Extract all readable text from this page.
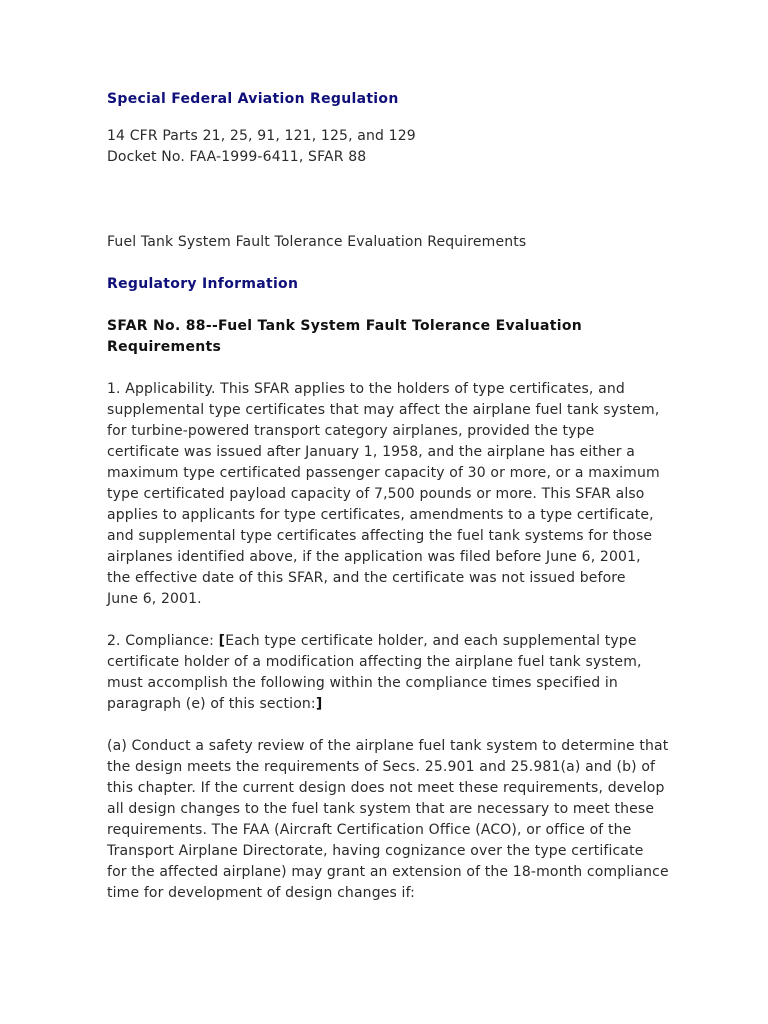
Special Federal Aviation Regulation

14 CFR Parts 21, 25, 91, 121, 125, and 129
Docket No. FAA-1999-6411, SFAR 88
Fuel Tank System Fault Tolerance Evaluation Requirements

Regulatory Information

SFAR No. 88--Fuel Tank System Fault Tolerance Evaluation
Requirements
1. Applicability. This SFAR applies to the holders of type certificates, and
supplemental type certificates that may affect the airplane fuel tank system,
for turbine-powered transport category airplanes, provided the type
certificate was issued after January 1, 1958, and the airplane has either a
maximum type certificated passenger capacity of 30 or more, or a maximum
type certificated payload capacity of 7,500 pounds or more. This SFAR also
applies to applicants for type certificates, amendments to a type certificate,
and supplemental type certificates affecting the fuel tank systems for those
airplanes identified above, if the application was filed before June 6, 2001,
the effective date of this SFAR, and the certificate was not issued before
June 6, 2001.
2. Compliance: [Each type certificate holder, and each supplemental type
certificate holder of a modification affecting the airplane fuel tank system,
must accomplish the following within the compliance times specified in
paragraph (e) of this section:]
(a) Conduct a safety review of the airplane fuel tank system to determine that
the design meets the requirements of Secs. 25.901 and 25.981(a) and (b) of
this chapter. If the current design does not meet these requirements, develop
all design changes to the fuel tank system that are necessary to meet these
requirements. The FAA (Aircraft Certification Office (ACO), or office of the
Transport Airplane Directorate, having cognizance over the type certificate
for the affected airplane) may grant an extension of the 18-month compliance
time for development of design changes if:
